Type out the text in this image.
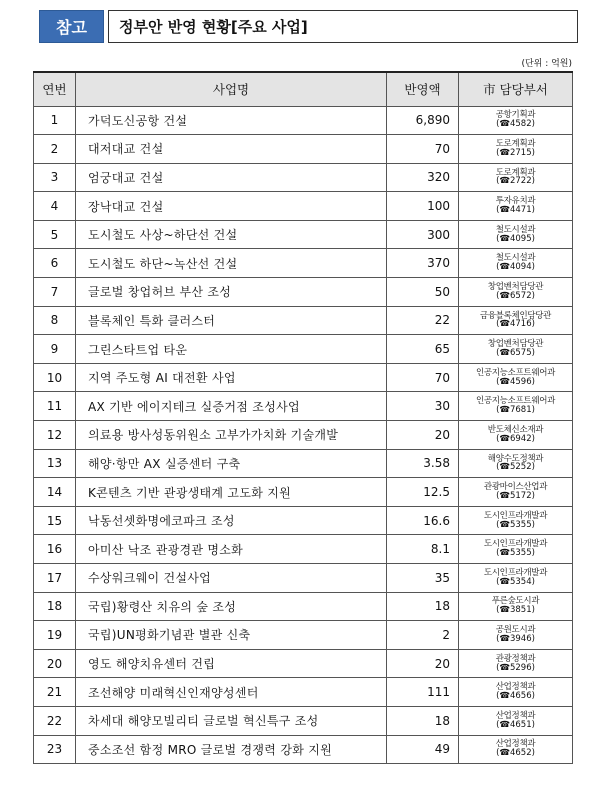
참고	정부안 반영 현황[주요 사업]
(단위 : 억원)
연번	사업명	반영액	市 담당부서
1	가덕도신공항 건설	6,890	공항기획과
(☎4582)

2	대저대교 건설	70	도로계획과
(☎2715)

3	엄궁대교 건설	320	도로계획과
(☎2722)

4	장낙대교 건설	100	투자유치과
(☎4471)

5	도시철도 사상~하단선 건설	300	철도시설과
(☎4095)

6	도시철도 하단~녹산선 건설	370	철도시설과
(☎4094)

7	글로벌 창업허브 부산 조성	50	창업벤처담당관
(☎6572)

8	블록체인 특화 클러스터	22	금융블록체인담당관
(☎4716)

9	그린스타트업 타운	65	창업벤처담당관
(☎6575)

10	지역 주도형 AI 대전환 사업	70	인공지능소프트웨어과
(☎4596)

11	AX 기반 에이지테크 실증거점 조성사업	30	인공지능소프트웨어과
(☎7681)

12	의료용 방사성동위원소 고부가가치화 기술개발	20	반도체신소재과
(☎6942)

13	해양·항만 AX 실증센터 구축	3.58	해양수도정책과
(☎5252)

14	K콘텐츠 기반 관광생태계 고도화 지원	12.5	관광마이스산업과
(☎5172)

15	낙동선셋화명에코파크 조성	16.6	도시인프라개발과
(☎5355)

16	아미산 낙조 관광경관 명소화	8.1	도시인프라개발과
(☎5355)

17	수상워크웨이 건설사업	35	도시인프라개발과
(☎5354)

18	국립)황령산 치유의 숲 조성	18	푸른숲도시과
(☎3851)

19	국립)UN평화기념관 별관 신축	2	공원도시과
(☎3946)

20	영도 해양치유센터 건립	20	관광정책과
(☎5296)

21	조선해양 미래혁신인재양성센터	111	산업정책과
(☎4656)

22	차세대 해양모빌리티 글로벌 혁신특구 조성	18	산업정책과
(☎4651)

23	중소조선 함정 MRO 글로벌 경쟁력 강화 지원	49	산업정책과
(☎4652)
